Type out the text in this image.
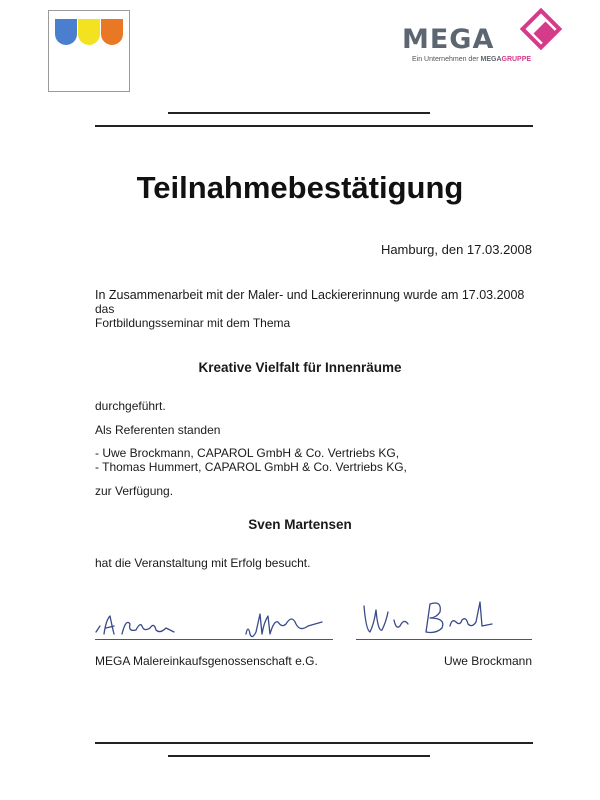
MEGA
Ein Unternehmen der MEGAGRUPPE
Teilnahmebestätigung
Hamburg, den 17.03.2008
In Zusammenarbeit mit der Maler- und Lackiererinnung wurde am 17.03.2008
das
Fortbildungsseminar mit dem Thema
Kreative Vielfalt für Innenräume
durchgeführt.
Als Referenten standen
- Uwe Brockmann, CAPAROL GmbH & Co. Vertriebs KG,
- Thomas Hummert, CAPAROL GmbH & Co. Vertriebs KG,
zur Verfügung.
Sven Martensen
hat die Veranstaltung mit Erfolg besucht.
MEGA Malereinkaufsgenossenschaft e.G.	Uwe Brockmann
